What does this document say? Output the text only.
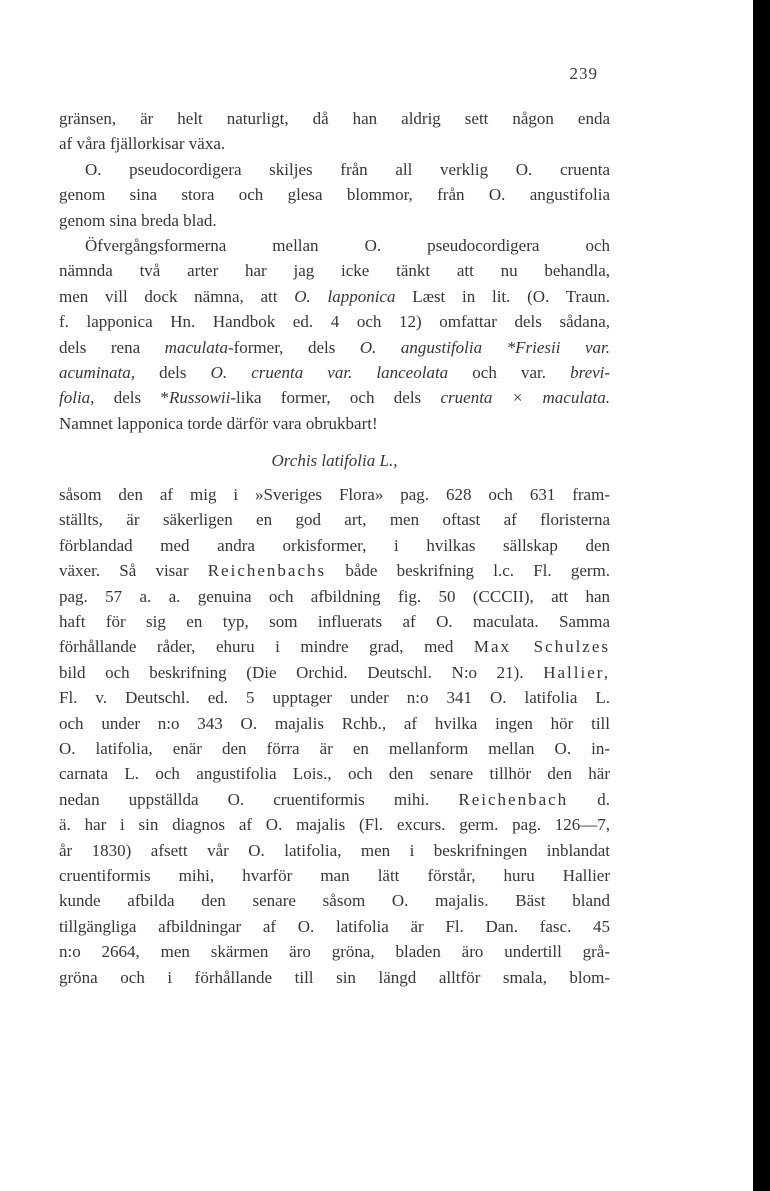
239
gränsen, är helt naturligt, då han aldrig sett någon enda
af våra fjällorkisar växa.
O. pseudocordigera skiljes från all verklig O. cruenta
genom sina stora och glesa blommor, från O. angustifolia
genom sina breda blad.
Öfvergångsformerna mellan O. pseudocordigera och
nämnda två arter har jag icke tänkt att nu behandla,
men vill dock nämna, att O. lapponica Læst in lit. (O. Traun.
f. lapponica Hn. Handbok ed. 4 och 12) omfattar dels sådana,
dels rena maculata-former, dels O. angustifolia *Friesii var.
acuminata, dels O. cruenta var. lanceolata och var. brevi-
folia, dels *Russowii-lika former, och dels cruenta × maculata.
Namnet lapponica torde därför vara obrukbart!
Orchis latifolia L.,
såsom den af mig i »Sveriges Flora» pag. 628 och 631 fram-
ställts, är säkerligen en god art, men oftast af floristerna
förblandad med andra orkisformer, i hvilkas sällskap den
växer. Så visar Reichenbachs både beskrifning l.c. Fl. germ.
pag. 57 a. a. genuina och afbildning fig. 50 (CCCII), att han
haft för sig en typ, som influerats af O. maculata. Samma
förhållande råder, ehuru i mindre grad, med Max Schulzes
bild och beskrifning (Die Orchid. Deutschl. N:o 21). Hallier,
Fl. v. Deutschl. ed. 5 upptager under n:o 341 O. latifolia L.
och under n:o 343 O. majalis Rchb., af hvilka ingen hör till
O. latifolia, enär den förra är en mellanform mellan O. in-
carnata L. och angustifolia Lois., och den senare tillhör den här
nedan uppställda O. cruentiformis mihi. Reichenbach d.
ä. har i sin diagnos af O. majalis (Fl. excurs. germ. pag. 126—7,
år 1830) afsett vår O. latifolia, men i beskrifningen inblandat
cruentiformis mihi, hvarför man lätt förstår, huru Hallier
kunde afbilda den senare såsom O. majalis. Bäst bland
tillgängliga afbildningar af O. latifolia är Fl. Dan. fasc. 45
n:o 2664, men skärmen äro gröna, bladen äro undertill grå-
gröna och i förhållande till sin längd alltför smala, blom-
